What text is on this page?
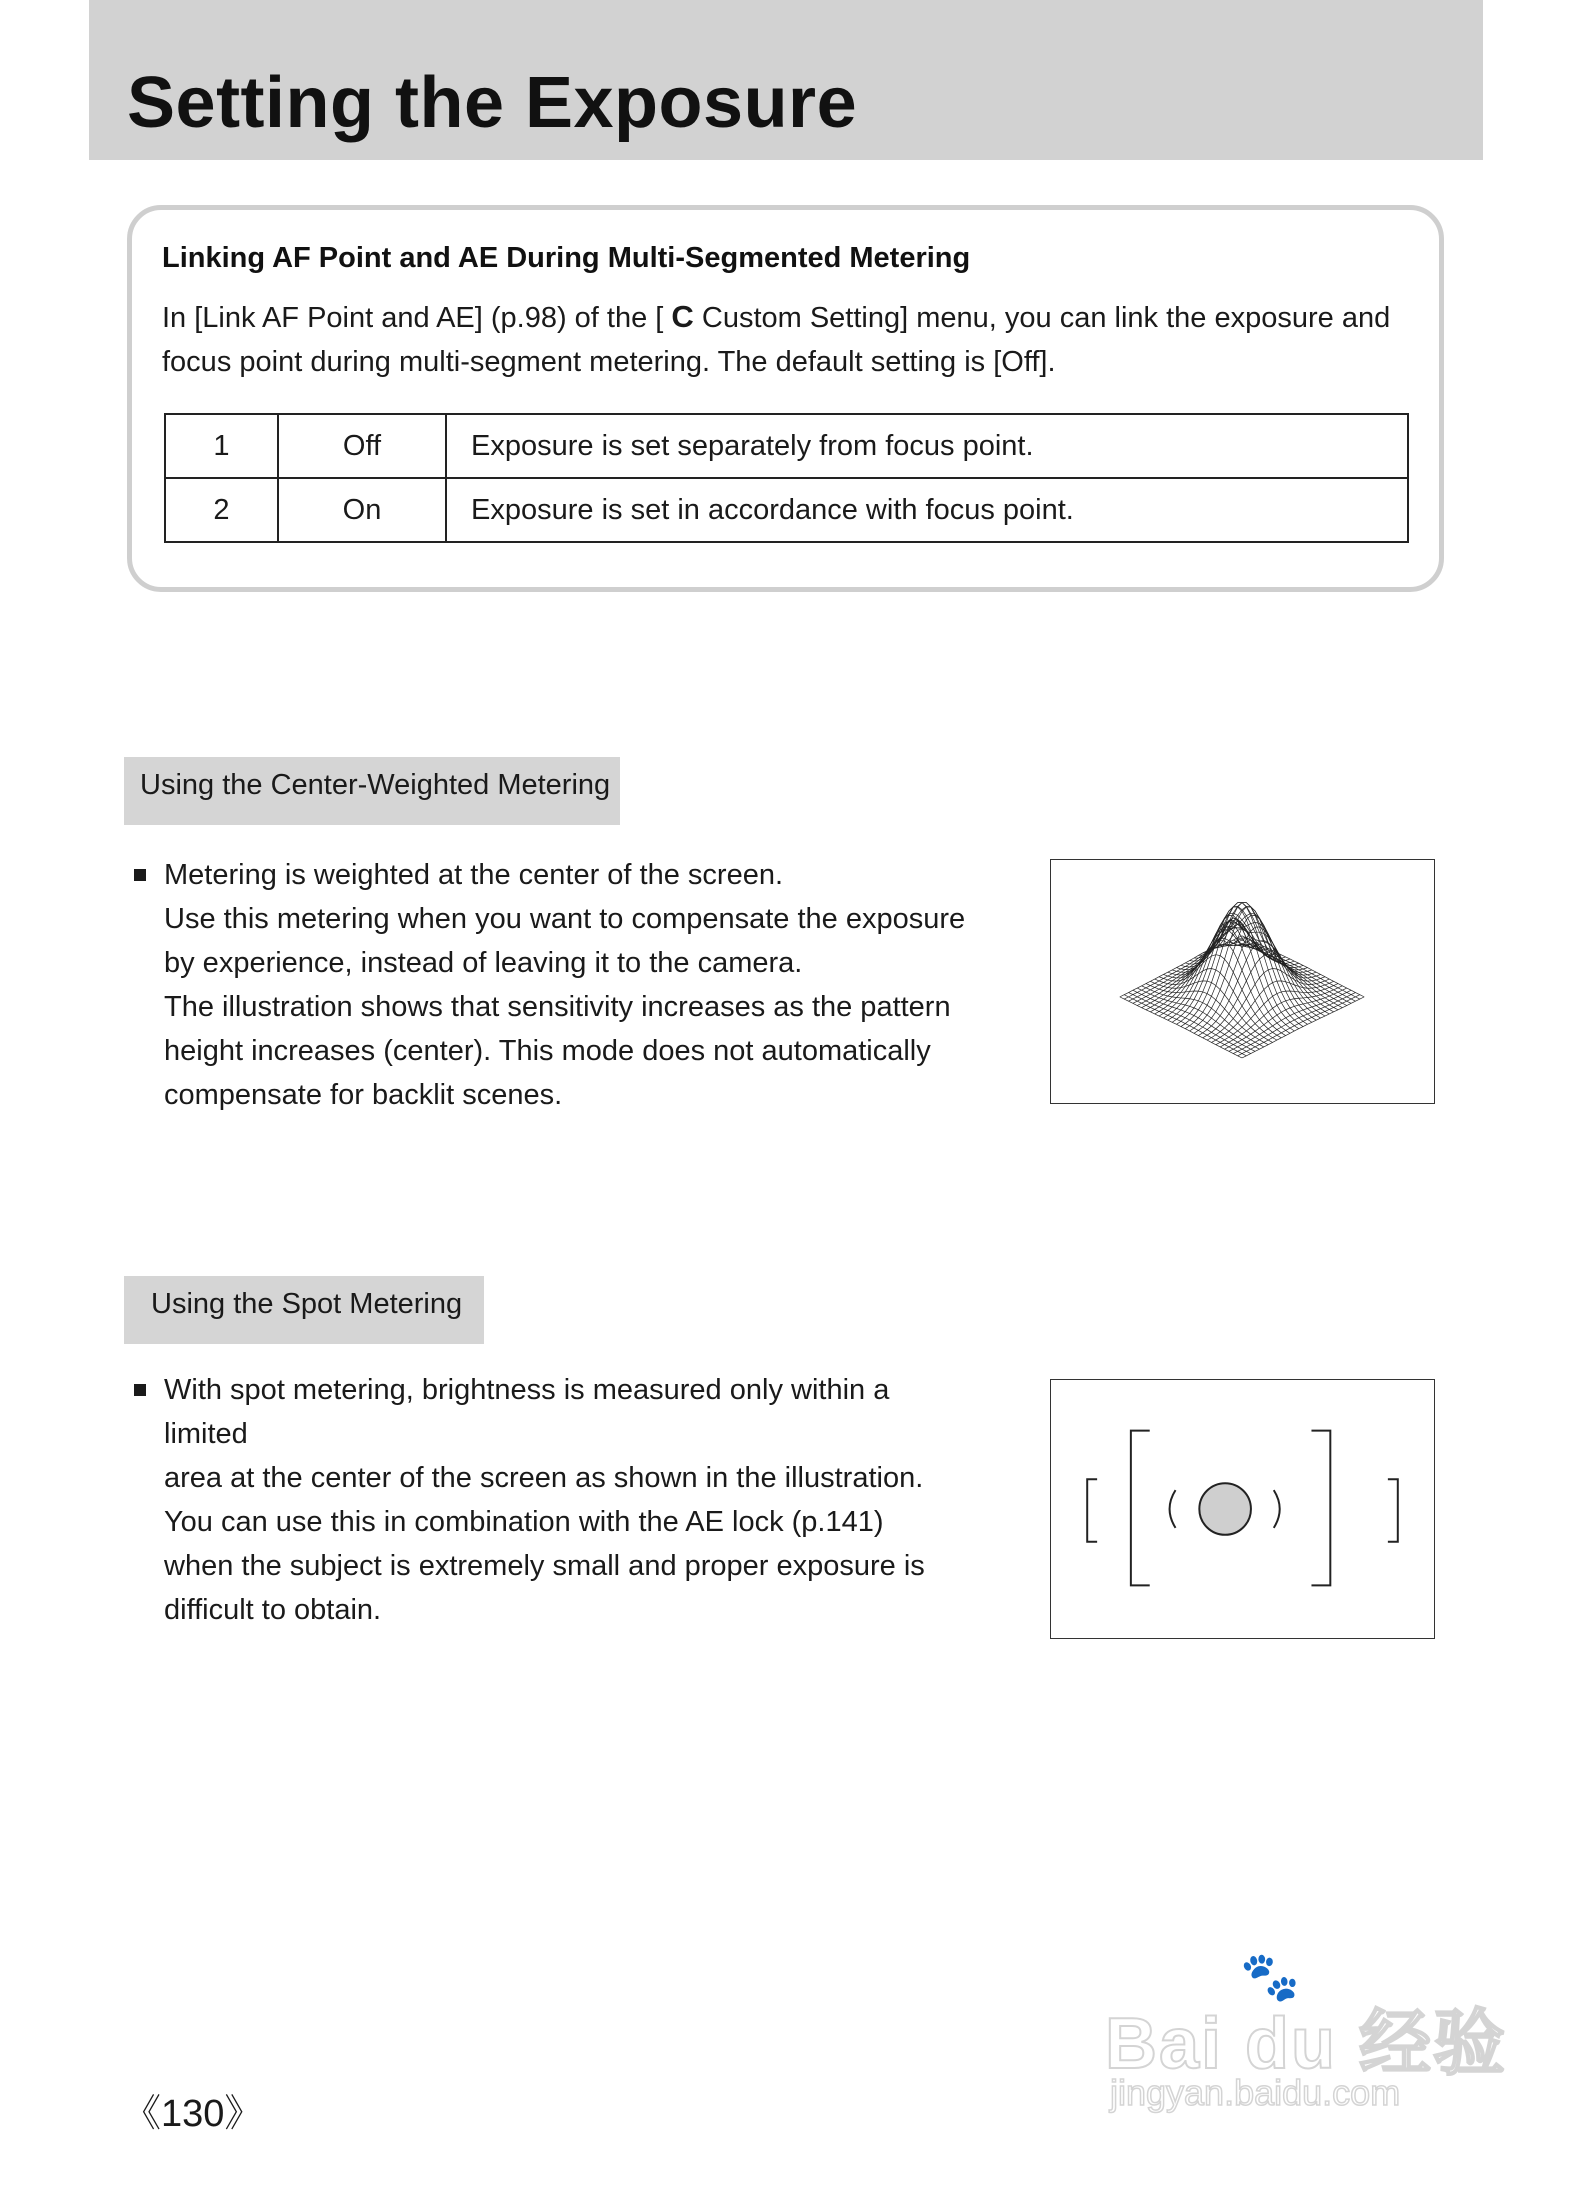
Setting the Exposure
Linking AF Point and AE During Multi-Segmented Metering

In [Link AF Point and AE] (p.98) of the [ C Custom Setting] menu, you can link the exposure and focus point during multi-segment metering. The default setting is [Off].

1	Off	Exposure is set separately from focus point.
2	On	Exposure is set in accordance with focus point.
Using the Center-Weighted Metering

Metering is weighted at the center of the screen.
Use this metering when you want to compensate the exposure
by experience, instead of leaving it to the camera.
The illustration shows that sensitivity increases as the pattern
height increases (center). This mode does not automatically
compensate for backlit scenes.

Using the Spot Metering

With spot metering, brightness is measured only within a limited
area at the center of the screen as shown in the illustration.
You can use this in combination with the AE lock (p.141)
when the subject is extremely small and proper exposure is
difficult to obtain.

《130》
🐾
Bai du 经验
jingyan.baidu.com
